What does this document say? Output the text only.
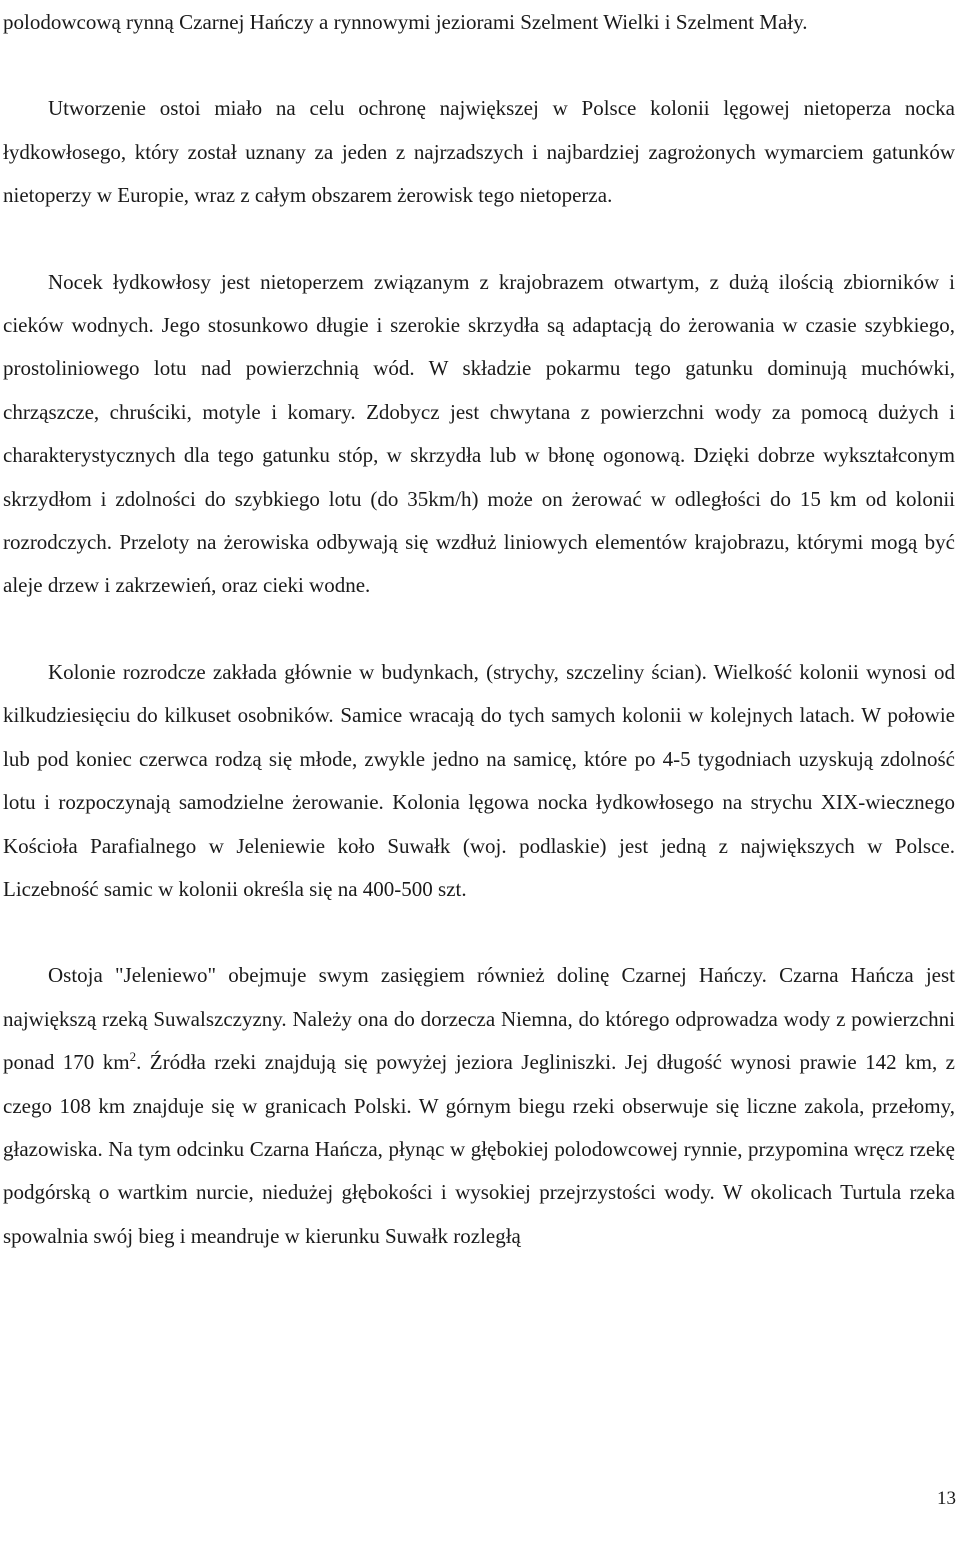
polodowcową rynną Czarnej Hańczy a rynnowymi jeziorami Szelment Wielki i Szelment Mały.

Utworzenie ostoi miało na celu ochronę największej w Polsce kolonii lęgowej nietoperza nocka łydkowłosego, który został uznany za jeden z najrzadszych i najbardziej zagrożonych wymarciem gatunków nietoperzy w Europie, wraz z całym obszarem żerowisk tego nietoperza.

Nocek łydkowłosy jest nietoperzem związanym z krajobrazem otwartym, z dużą ilością zbiorników i cieków wodnych. Jego stosunkowo długie i szerokie skrzydła są adaptacją do żerowania w czasie szybkiego, prostoliniowego lotu nad powierzchnią wód. W składzie pokarmu tego gatunku dominują muchówki, chrząszcze, chruściki, motyle i komary. Zdobycz jest chwytana z powierzchni wody za pomocą dużych i charakterystycznych dla tego gatunku stóp, w skrzydła lub w błonę ogonową. Dzięki dobrze wykształconym skrzydłom i zdolności do szybkiego lotu (do 35km/h) może on żerować w odległości do 15 km od kolonii rozrodczych. Przeloty na żerowiska odbywają się wzdłuż liniowych elementów krajobrazu, którymi mogą być aleje drzew i zakrzewień, oraz cieki wodne.

Kolonie rozrodcze zakłada głównie w budynkach, (strychy, szczeliny ścian). Wielkość kolonii wynosi od kilkudziesięciu do kilkuset osobników. Samice wracają do tych samych kolonii w kolejnych latach. W połowie lub pod koniec czerwca rodzą się młode, zwykle jedno na samicę, które po 4-5 tygodniach uzyskują zdolność lotu i rozpoczynają samodzielne żerowanie. Kolonia lęgowa nocka łydkowłosego na strychu XIX-wiecznego Kościoła Parafialnego w Jeleniewie koło Suwałk (woj. podlaskie) jest jedną z największych w Polsce. Liczebność samic w kolonii określa się na 400-500 szt.

Ostoja "Jeleniewo" obejmuje swym zasięgiem również dolinę Czarnej Hańczy. Czarna Hańcza jest największą rzeką Suwalszczyzny. Należy ona do dorzecza Niemna, do którego odprowadza wody z powierzchni ponad 170 $km^2$. Źródła rzeki znajdują się powyżej jeziora Jegliniszki. Jej długość wynosi prawie 142 km, z czego 108 km znajduje się w granicach Polski. W górnym biegu rzeki obserwuje się liczne zakola, przełomy, głazowiska. Na tym odcinku Czarna Hańcza, płynąc w głębokiej polodowcowej rynnie, przypomina wręcz rzekę podgórską o wartkim nurcie, niedużej głębokości i wysokiej przejrzystości wody. W okolicach Turtula rzeka spowalnia swój bieg i meandruje w kierunku Suwałk rozległą

13
